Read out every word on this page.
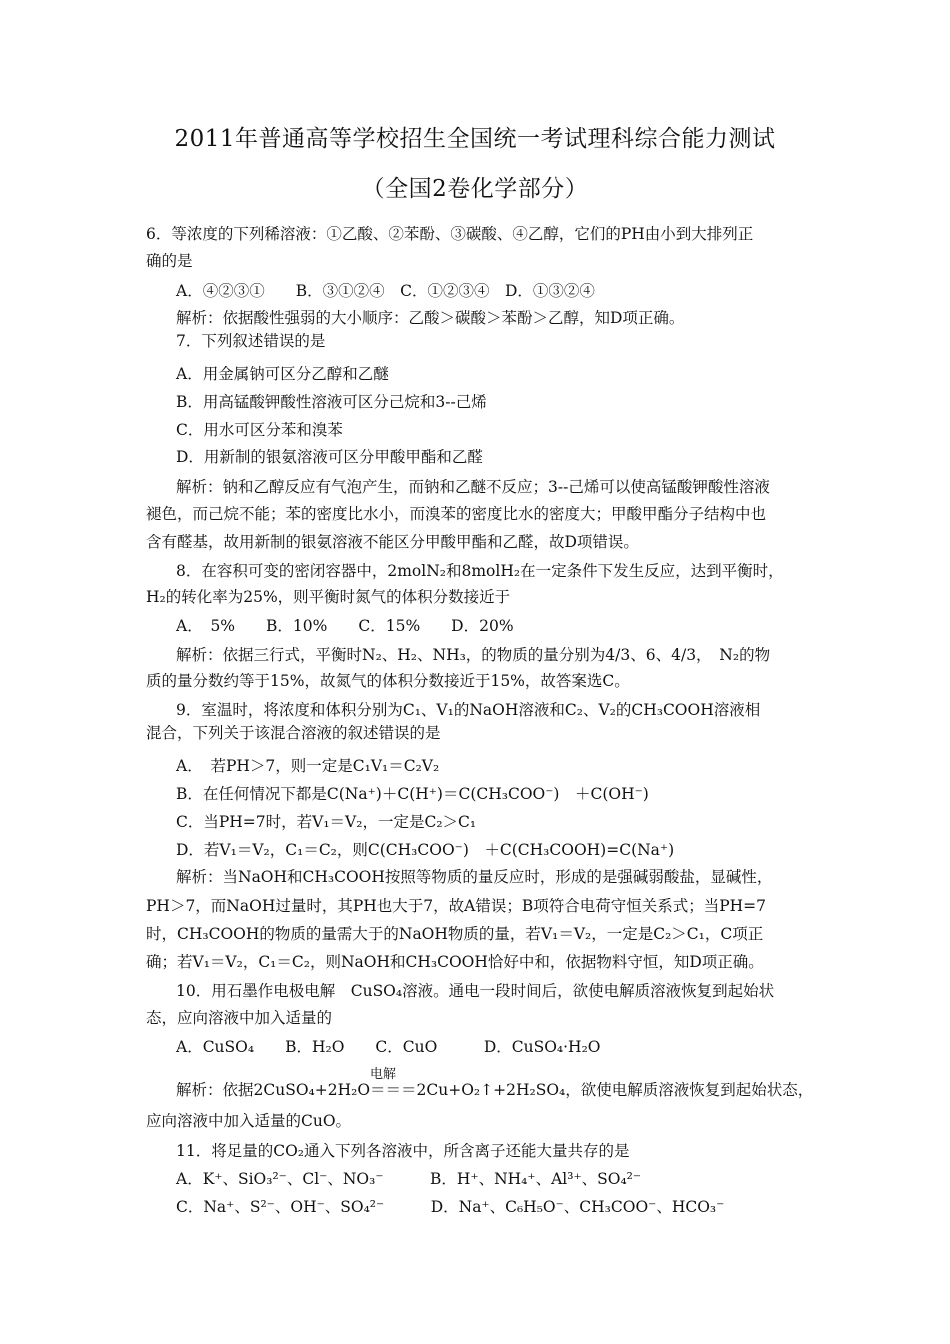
2011年普通高等学校招生全国统一考试理科综合能力测试
（全国2卷化学部分）
6．等浓度的下列稀溶液：①乙酸、②苯酚、③碳酸、④乙醇，它们的PH由小到大排列正
确的是
A．④②③①　　B．③①②④　C．①②③④　D．①③②④
解析：依据酸性强弱的大小顺序：乙酸＞碳酸＞苯酚＞乙醇，知D项正确。
7．下列叙述错误的是
A．用金属钠可区分乙醇和乙醚
B．用高锰酸钾酸性溶液可区分己烷和3--己烯
C．用水可区分苯和溴苯
D．用新制的银氨溶液可区分甲酸甲酯和乙醛
解析：钠和乙醇反应有气泡产生，而钠和乙醚不反应；3--己烯可以使高锰酸钾酸性溶液
褪色，而己烷不能；苯的密度比水小，而溴苯的密度比水的密度大；甲酸甲酯分子结构中也
含有醛基，故用新制的银氨溶液不能区分甲酸甲酯和乙醛，故D项错误。
8．在容积可变的密闭容器中，2molN₂和8molH₂在一定条件下发生反应，达到平衡时，
H₂的转化率为25%，则平衡时氮气的体积分数接近于
A．　5%　　B．10%　　C．15%　　D．20%
解析：依据三行式，平衡时N₂、H₂、NH₃，的物质的量分别为4/3、6、4/3，　N₂的物
质的量分数约等于15%，故氮气的体积分数接近于15%，故答案选C。
9．室温时，将浓度和体积分别为C₁、V₁的NaOH溶液和C₂、V₂的CH₃COOH溶液相
混合，下列关于该混合溶液的叙述错误的是
A．　若PH＞7，则一定是C₁V₁＝C₂V₂
B．在任何情况下都是C(Na⁺)＋C(H⁺)＝C(CH₃COO⁻)　＋C(OH⁻)
C．当PH=7时，若V₁＝V₂，一定是C₂＞C₁
D．若V₁＝V₂，C₁＝C₂，则C(CH₃COO⁻)　＋C(CH₃COOH)=C(Na⁺)
解析：当NaOH和CH₃COOH按照等物质的量反应时，形成的是强碱弱酸盐，显碱性，
PH＞7，而NaOH过量时，其PH也大于7，故A错误；B项符合电荷守恒关系式；当PH=7
时，CH₃COOH的物质的量需大于的NaOH物质的量，若V₁＝V₂，一定是C₂＞C₁，C项正
确；若V₁＝V₂，C₁＝C₂，则NaOH和CH₃COOH恰好中和，依据物料守恒，知D项正确。
10．用石墨作电极电解　CuSO₄溶液。通电一段时间后，欲使电解质溶液恢复到起始状
态，应向溶液中加入适量的
A．CuSO₄　　B．H₂O　　C．CuO　　　D．CuSO₄·H₂O
电解
解析：依据2CuSO₄+2H₂O＝＝＝2Cu+O₂↑+2H₂SO₄，欲使电解质溶液恢复到起始状态，
应向溶液中加入适量的CuO。
11．将足量的CO₂通入下列各溶液中，所含离子还能大量共存的是
A．K⁺、SiO₃²⁻、Cl⁻、NO₃⁻　　　B．H⁺、NH₄⁺、Al³⁺、SO₄²⁻
C．Na⁺、S²⁻、OH⁻、SO₄²⁻　　　D．Na⁺、C₆H₅O⁻、CH₃COO⁻、HCO₃⁻
